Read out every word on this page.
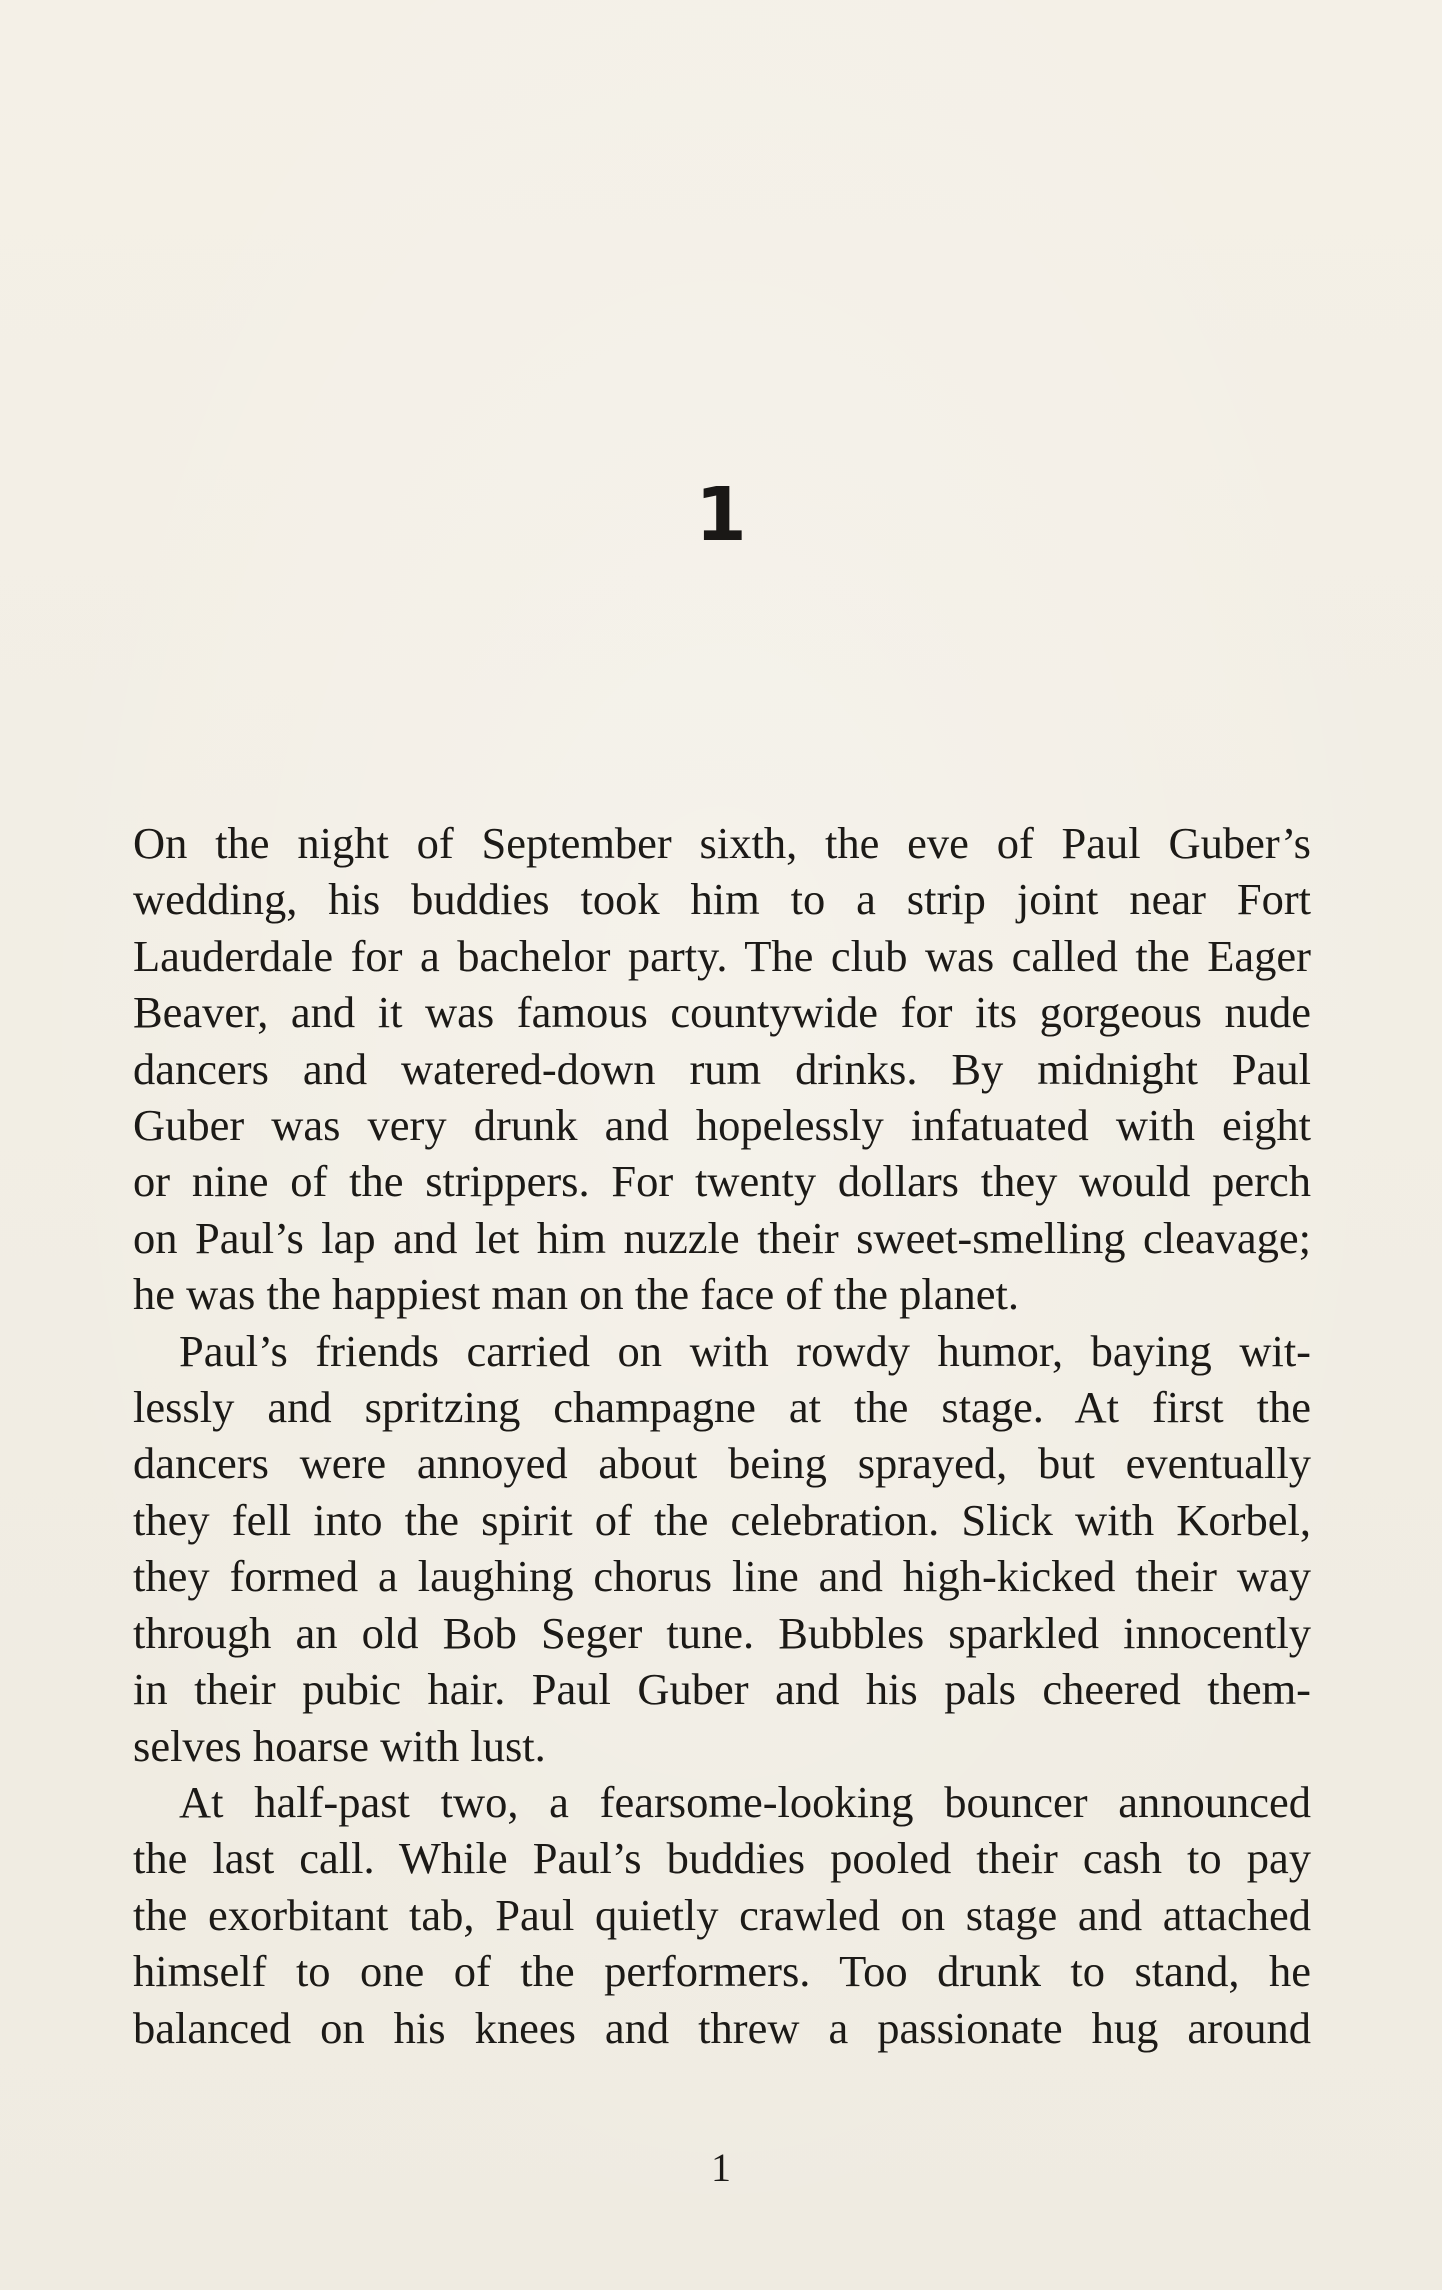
1

On the night of September sixth, the eve of Paul Guber’s
wedding, his buddies took him to a strip joint near Fort
Lauderdale for a bachelor party. The club was called the Eager
Beaver, and it was famous countywide for its gorgeous nude
dancers and watered-down rum drinks. By midnight Paul
Guber was very drunk and hopelessly infatuated with eight
or nine of the strippers. For twenty dollars they would perch
on Paul’s lap and let him nuzzle their sweet-smelling cleavage;
he was the happiest man on the face of the planet.

Paul’s friends carried on with rowdy humor, baying wit-
lessly and spritzing champagne at the stage. At first the
dancers were annoyed about being sprayed, but eventually
they fell into the spirit of the celebration. Slick with Korbel,
they formed a laughing chorus line and high-kicked their way
through an old Bob Seger tune. Bubbles sparkled innocently
in their pubic hair. Paul Guber and his pals cheered them-
selves hoarse with lust.

At half-past two, a fearsome-looking bouncer announced
the last call. While Paul’s buddies pooled their cash to pay
the exorbitant tab, Paul quietly crawled on stage and attached
himself to one of the performers. Too drunk to stand, he
balanced on his knees and threw a passionate hug around

1
